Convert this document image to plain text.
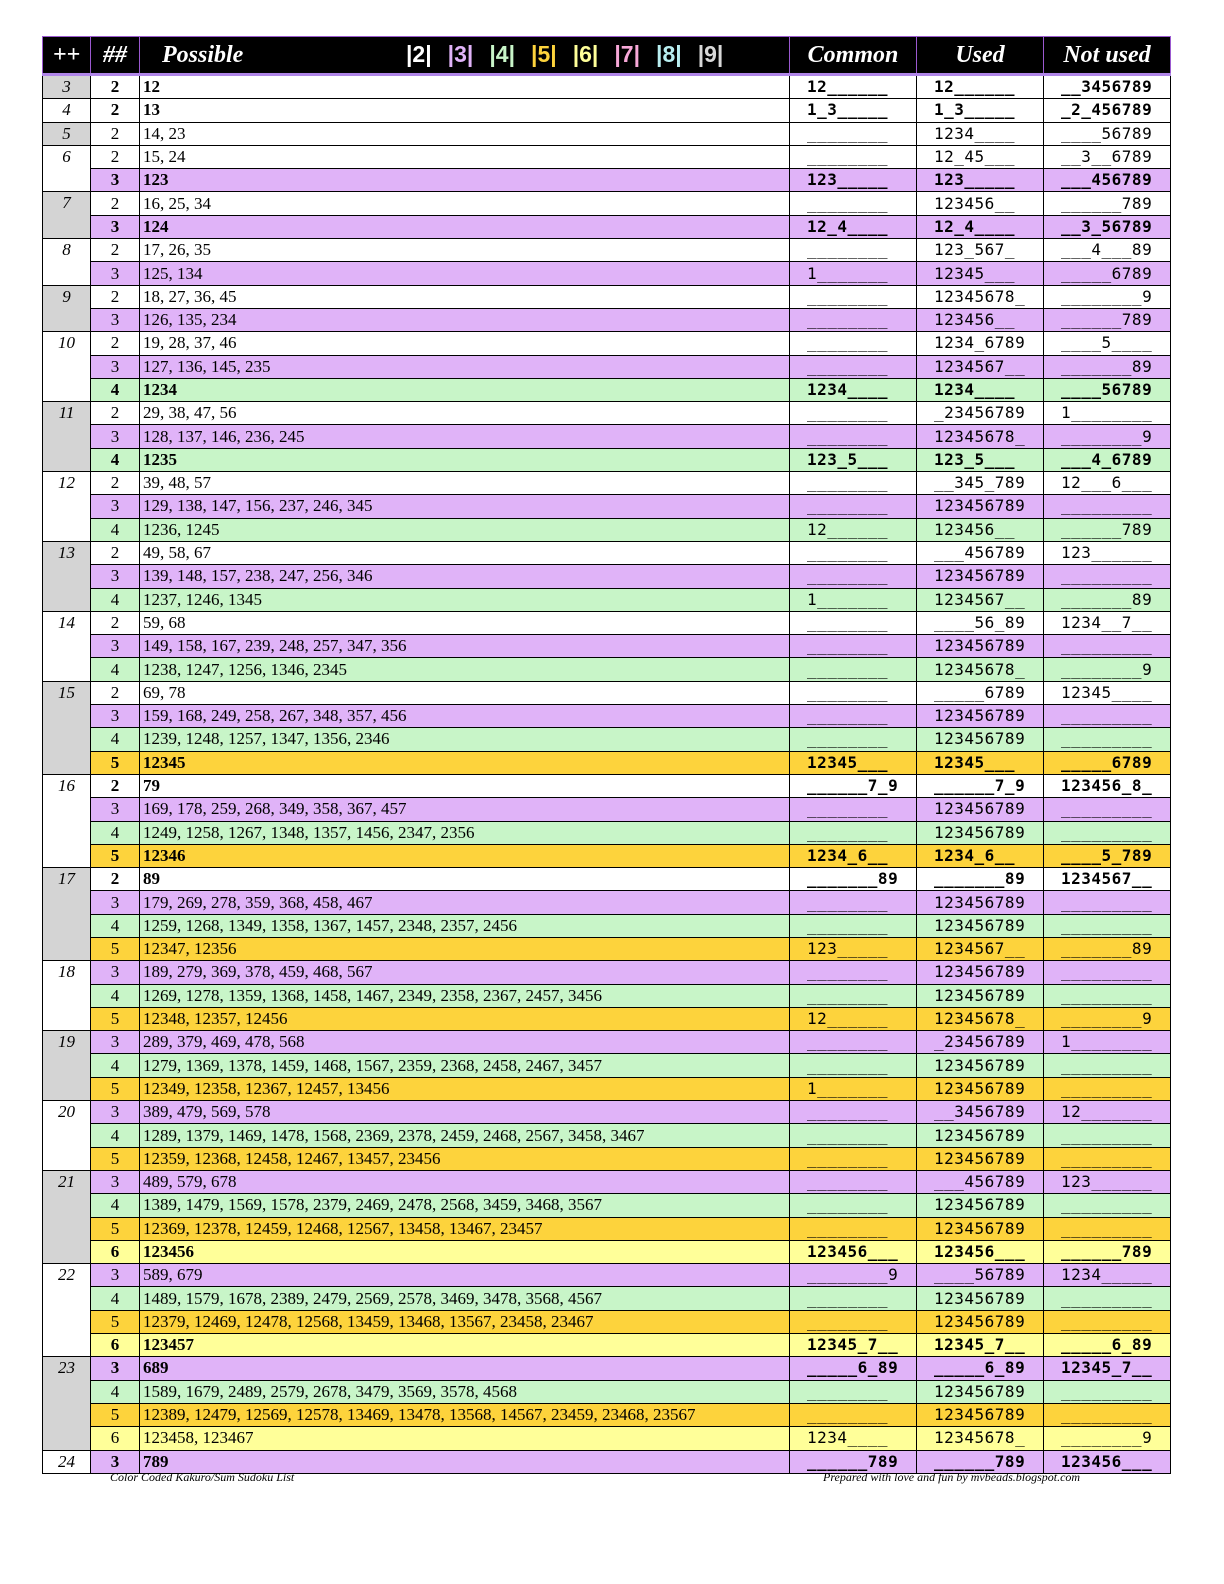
++	##	Possible |2| |3| |4| |5| |6| |7| |8| |9|	Common	Used	Not used
3	2	12	12______	12______	__3456789
4	2	13	1_3_____	1_3_____	_2_456789
5	2	14, 23	________	1234____	____56789
6	2	15, 24	________	12_45___	__3__6789
	3	123	123_____	123_____	___456789
7	2	16, 25, 34	________	123456__	______789
	3	124	12_4____	12_4____	__3_56789
8	2	17, 26, 35	________	123_567_	___4___89
	3	125, 134	1_______	12345___	_____6789
9	2	18, 27, 36, 45	________	12345678_	________9
	3	126, 135, 234	________	123456__	______789
10	2	19, 28, 37, 46	________	1234_6789	____5____
	3	127, 136, 145, 235	________	1234567__	_______89
	4	1234	1234____	1234____	____56789
11	2	29, 38, 47, 56	________	_23456789	1________
	3	128, 137, 146, 236, 245	________	12345678_	________9
	4	1235	123_5___	123_5___	___4_6789
12	2	39, 48, 57	________	__345_789	12___6___
	3	129, 138, 147, 156, 237, 246, 345	________	123456789	_________
	4	1236, 1245	12______	123456__	______789
13	2	49, 58, 67	________	___456789	123______
	3	139, 148, 157, 238, 247, 256, 346	________	123456789	_________
	4	1237, 1246, 1345	1_______	1234567__	_______89
14	2	59, 68	________	____56_89	1234__7__
	3	149, 158, 167, 239, 248, 257, 347, 356	________	123456789	_________
	4	1238, 1247, 1256, 1346, 2345	________	12345678_	________9
15	2	69, 78	________	_____6789	12345____
	3	159, 168, 249, 258, 267, 348, 357, 456	________	123456789	_________
	4	1239, 1248, 1257, 1347, 1356, 2346	________	123456789	_________
	5	12345	12345___	12345___	_____6789
16	2	79	______7_9	______7_9	123456_8_
	3	169, 178, 259, 268, 349, 358, 367, 457	________	123456789	_________
	4	1249, 1258, 1267, 1348, 1357, 1456, 2347, 2356	________	123456789	_________
	5	12346	1234_6__	1234_6__	____5_789
17	2	89	_______89	_______89	1234567__
	3	179, 269, 278, 359, 368, 458, 467	________	123456789	_________
	4	1259, 1268, 1349, 1358, 1367, 1457, 2348, 2357, 2456	________	123456789	_________
	5	12347, 12356	123_____	1234567__	_______89
18	3	189, 279, 369, 378, 459, 468, 567	________	123456789	_________
	4	1269, 1278, 1359, 1368, 1458, 1467, 2349, 2358, 2367, 2457, 3456	________	123456789	_________
	5	12348, 12357, 12456	12______	12345678_	________9
19	3	289, 379, 469, 478, 568	________	_23456789	1________
	4	1279, 1369, 1378, 1459, 1468, 1567, 2359, 2368, 2458, 2467, 3457	________	123456789	_________
	5	12349, 12358, 12367, 12457, 13456	1_______	123456789	_________
20	3	389, 479, 569, 578	________	__3456789	12_______
	4	1289, 1379, 1469, 1478, 1568, 2369, 2378, 2459, 2468, 2567, 3458, 3467	________	123456789	_________
	5	12359, 12368, 12458, 12467, 13457, 23456	________	123456789	_________
21	3	489, 579, 678	________	___456789	123______
	4	1389, 1479, 1569, 1578, 2379, 2469, 2478, 2568, 3459, 3468, 3567	________	123456789	_________
	5	12369, 12378, 12459, 12468, 12567, 13458, 13467, 23457	________	123456789	_________
	6	123456	123456___	123456___	______789
22	3	589, 679	________9	____56789	1234_____
	4	1489, 1579, 1678, 2389, 2479, 2569, 2578, 3469, 3478, 3568, 4567	________	123456789	_________
	5	12379, 12469, 12478, 12568, 13459, 13468, 13567, 23458, 23467	________	123456789	_________
	6	123457	12345_7__	12345_7__	_____6_89
23	3	689	_____6_89	_____6_89	12345_7__
	4	1589, 1679, 2489, 2579, 2678, 3479, 3569, 3578, 4568	________	123456789	_________
	5	12389, 12479, 12569, 12578, 13469, 13478, 13568, 14567, 23459, 23468, 23567	________	123456789	_________
	6	123458, 123467	1234____	12345678_	________9
24	3	789	______789	______789	123456___
Color Coded Kakuro/Sum Sudoku List	Prepared with love and fun by mvbeads.blogspot.com
